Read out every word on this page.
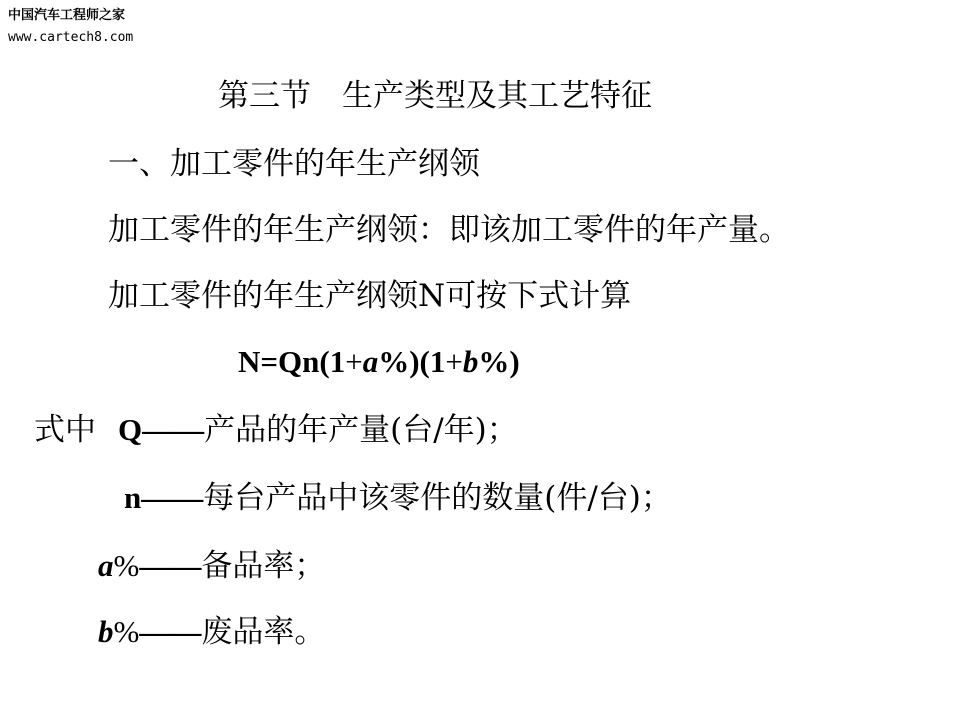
中国汽车工程师之家
www.cartech8.com
第三节　生产类型及其工艺特征
一、加工零件的年生产纲领
加工零件的年生产纲领：即该加工零件的年产量。
加工零件的年生产纲领N可按下式计算
N=Qn(1+a%)(1+b%)
式中 Q——产品的年产量(台/年)；
n——每台产品中该零件的数量(件/台)；
a%——备品率；
b%——废品率。
